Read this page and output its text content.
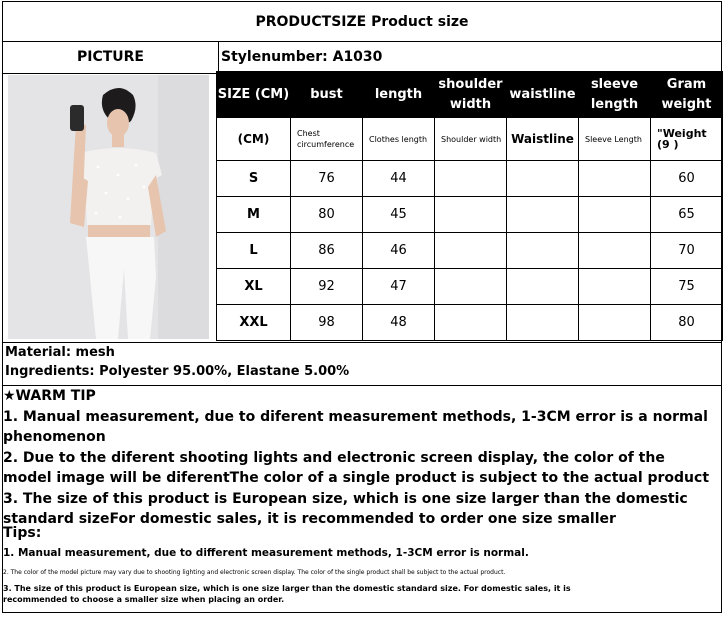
PRODUCTSIZE Product size
PICTURE	Stylenumber: A1030
Material: mesh
Ingredients: Polyester 95.00%, Elastane 5.00%
SIZE (CM)	bust	length	shoulder width	waistline	sleeve length	Gram weight
(CM)	Chest circumference	Clothes length	Shoulder width	Waistline	Sleeve Length	"Weight (9 )
S	76	44				60
M	80	45				65
L	86	46				70
XL	92	47				75
XXL	98	48				80
★WARM TIP
1. Manual measurement, due to diferent measurement methods, 1-3CM error is a normal phenomenon
2. Due to the diferent shooting lights and electronic screen display, the color of the model image will be diferentThe color of a single product is subject to the actual product
3. The size of this product is European size, which is one size larger than the domestic standard sizeFor domestic sales, it is recommended to order one size smaller
Tips:
1. Manual measurement, due to different measurement methods, 1-3CM error is normal.
2. The color of the model picture may vary due to shooting lighting and electronic screen display. The color of the single product shall be subject to the actual product.
3. The size of this product is European size, which is one size larger than the domestic standard size. For domestic sales, it is recommended to choose a smaller size when placing an order.
